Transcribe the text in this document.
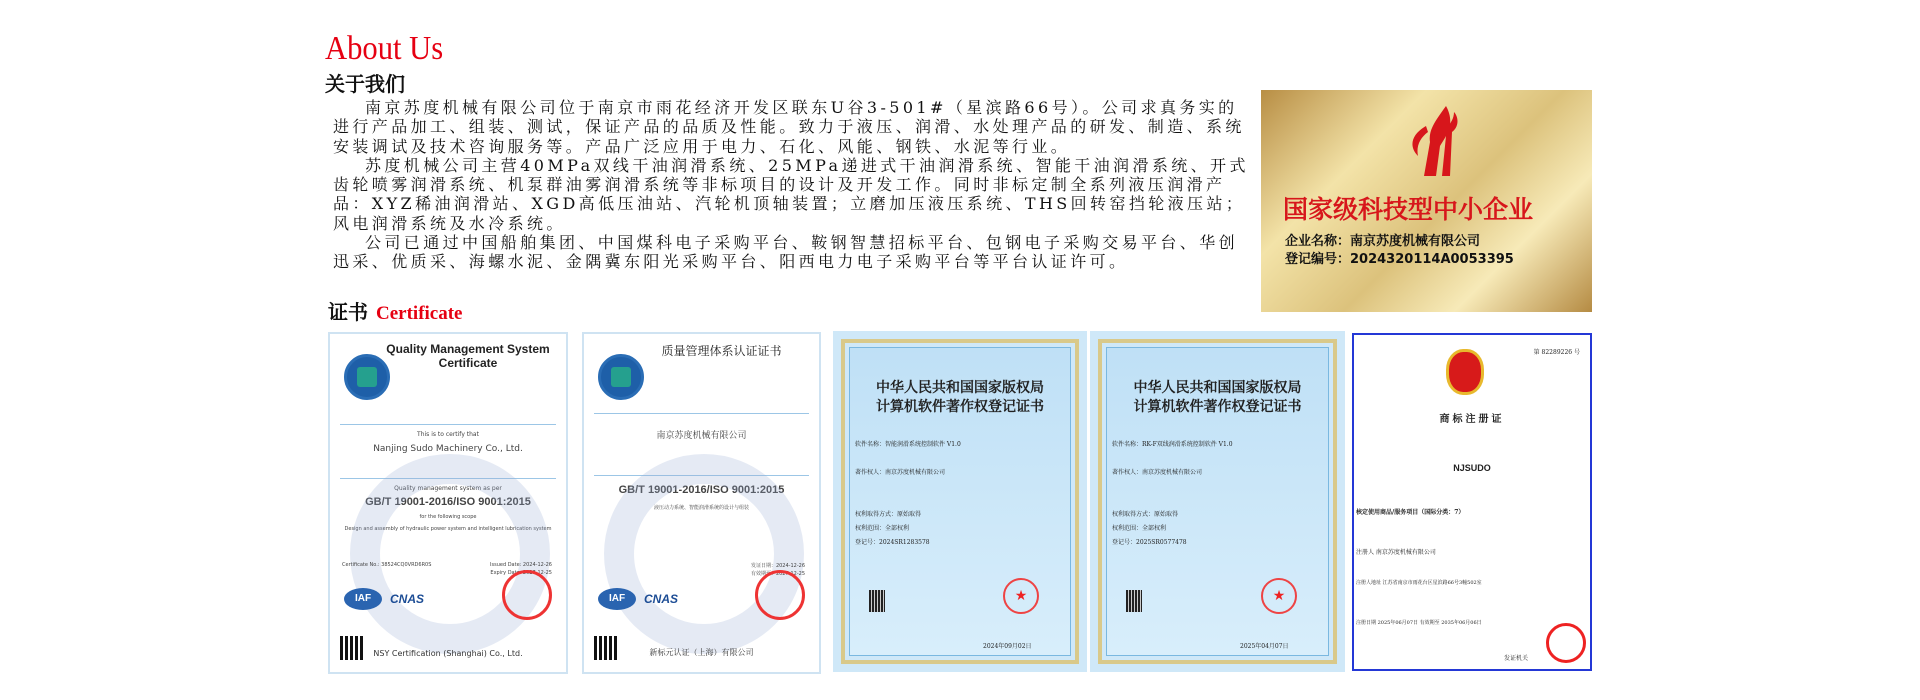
About Us
关于我们

南京苏度机械有限公司位于南京市雨花经济开发区联东U谷3-501#（星滨路66号）。公司求真务实的进行产品加工、组装、测试，保证产品的品质及性能。致力于液压、润滑、水处理产品的研发、制造、系统安装调试及技术咨询服务等。产品广泛应用于电力、石化、风能、钢铁、水泥等行业。

苏度机械公司主营40MPa双线干油润滑系统、25MPa递进式干油润滑系统、智能干油润滑系统、开式齿轮喷雾润滑系统、机泵群油雾润滑系统等非标项目的设计及开发工作。同时非标定制全系列液压润滑产品：XYZ稀油润滑站、XGD高低压油站、汽轮机顶轴装置；立磨加压液压系统、THS回转窑挡轮液压站；风电润滑系统及水冷系统。

公司已通过中国船舶集团、中国煤科电子采购平台、鞍钢智慧招标平台、包钢电子采购交易平台、华创迅采、优质采、海螺水泥、金隅冀东阳光采购平台、阳西电力电子采购平台等平台认证许可。

国家级科技型中小企业
企业名称：南京苏度机械有限公司
登记编号：2024320114A0053395
证书 Certificate
Quality Management System Certificate
This is to certify that
Nanjing Sudo Machinery Co., Ltd.
Quality management system as per
GB/T 19001-2016/ISO 9001:2015
for the following scope
Design and assembly of hydraulic power system and intelligent lubrication system
Certificate No.: 38524CQ0VRD6R0S	Issued Date: 2024-12-26
Expiry Date: 2027-12-25
IAF	CNAS
NSY Certification (Shanghai) Co., Ltd.
质量管理体系认证证书
南京苏度机械有限公司
GB/T 19001-2016/ISO 9001:2015
液压动力系统、智能润滑系统的设计与组装
发证日期：2024-12-26
有效期至：2027-12-25
IAF	CNAS
新标元认证（上海）有限公司
中华人民共和国国家版权局
计算机软件著作权登记证书
软件名称：智能润滑系统控制软件 V1.0
著作权人：南京苏度机械有限公司
权利取得方式：原始取得
权利范围：全部权利
登记号：2024SR1283578
★
2024年09月02日
中华人民共和国国家版权局
计算机软件著作权登记证书
软件名称：RK-F双线润滑系统控制软件 V1.0
著作权人：南京苏度机械有限公司
权利取得方式：原始取得
权利范围：全部权利
登记号：2025SR0577478
★
2025年04月07日
第 82289226 号
商标注册证
NJSUDO
核定使用商品/服务项目（国际分类：7）
注册人 南京苏度机械有限公司
注册人地址 江苏省南京市雨花台区星滨路66号3幢502室
注册日期 2025年06月07日 有效期至 2035年06月06日
发证机关
